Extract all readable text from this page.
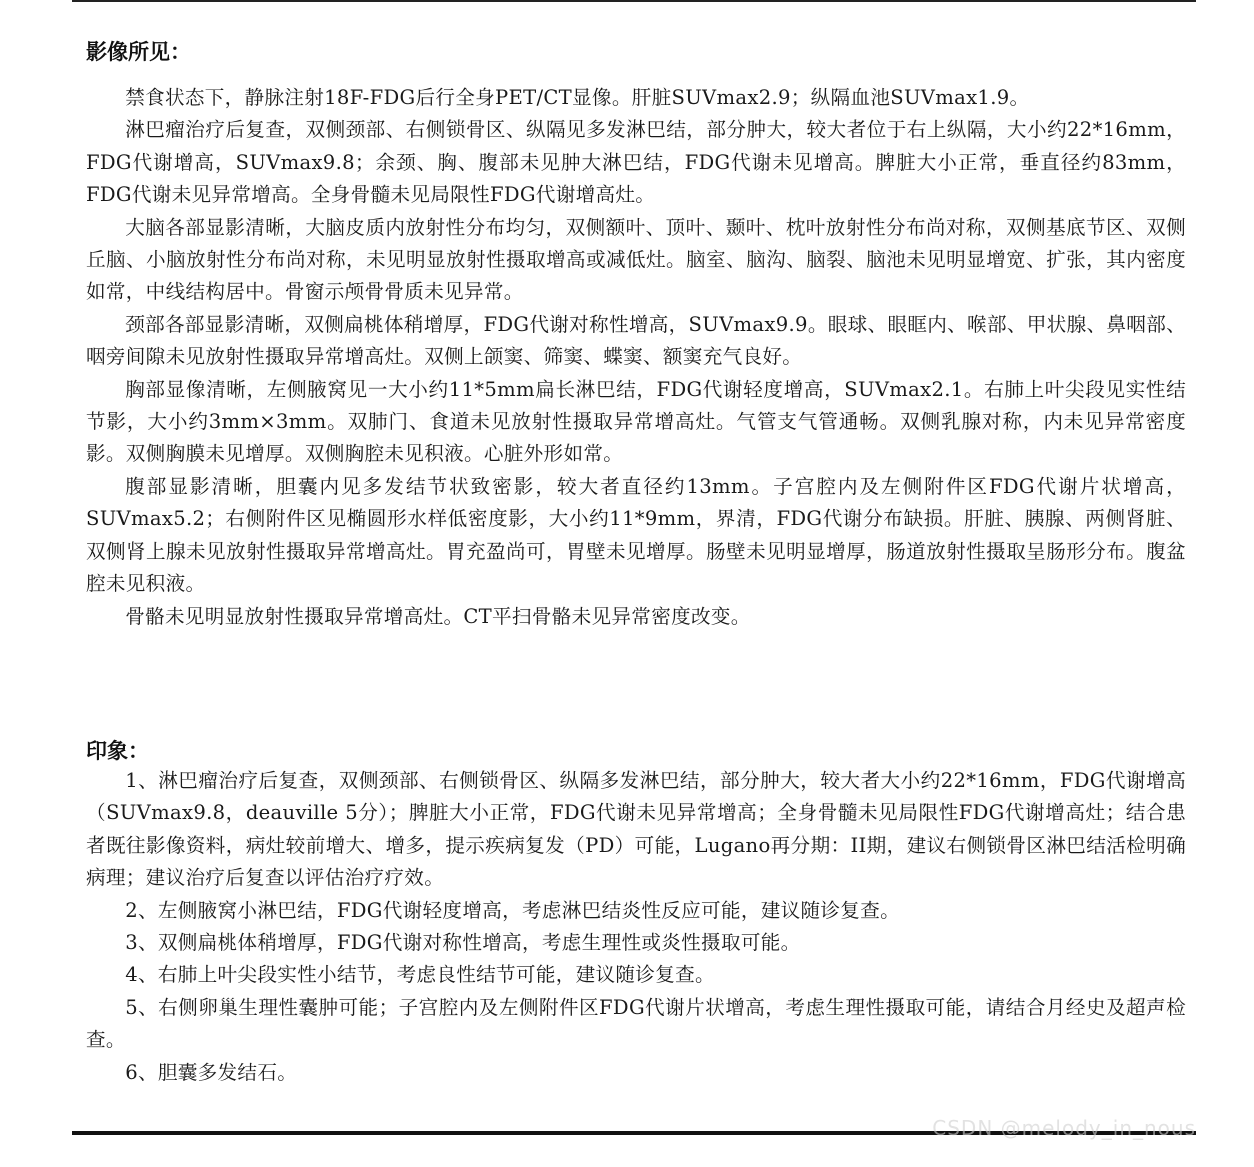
影像所见：

禁食状态下，静脉注射18F-FDG后行全身PET/CT显像。肝脏SUVmax2.9；纵隔血池SUVmax1.9。

淋巴瘤治疗后复查，双侧颈部、右侧锁骨区、纵隔见多发淋巴结，部分肿大，较大者位于右上纵隔，大小约22*16mm，FDG代谢增高，SUVmax9.8；余颈、胸、腹部未见肿大淋巴结，FDG代谢未见增高。脾脏大小正常，垂直径约83mm，FDG代谢未见异常增高。全身骨髓未见局限性FDG代谢增高灶。

大脑各部显影清晰，大脑皮质内放射性分布均匀，双侧额叶、顶叶、颞叶、枕叶放射性分布尚对称，双侧基底节区、双侧丘脑、小脑放射性分布尚对称，未见明显放射性摄取增高或减低灶。脑室、脑沟、脑裂、脑池未见明显增宽、扩张，其内密度如常，中线结构居中。骨窗示颅骨骨质未见异常。

颈部各部显影清晰，双侧扁桃体稍增厚，FDG代谢对称性增高，SUVmax9.9。眼球、眼眶内、喉部、甲状腺、鼻咽部、咽旁间隙未见放射性摄取异常增高灶。双侧上颌窦、筛窦、蝶窦、额窦充气良好。

胸部显像清晰，左侧腋窝见一大小约11*5mm扁长淋巴结，FDG代谢轻度增高，SUVmax2.1。右肺上叶尖段见实性结节影，大小约3mm×3mm。双肺门、食道未见放射性摄取异常增高灶。气管支气管通畅。双侧乳腺对称，内未见异常密度影。双侧胸膜未见增厚。双侧胸腔未见积液。心脏外形如常。

腹部显影清晰，胆囊内见多发结节状致密影，较大者直径约13mm。子宫腔内及左侧附件区FDG代谢片状增高，SUVmax5.2；右侧附件区见椭圆形水样低密度影，大小约11*9mm，界清，FDG代谢分布缺损。肝脏、胰腺、两侧肾脏、双侧肾上腺未见放射性摄取异常增高灶。胃充盈尚可，胃壁未见增厚。肠壁未见明显增厚，肠道放射性摄取呈肠形分布。腹盆腔未见积液。

骨骼未见明显放射性摄取异常增高灶。CT平扫骨骼未见异常密度改变。

印象：

1、淋巴瘤治疗后复查，双侧颈部、右侧锁骨区、纵隔多发淋巴结，部分肿大，较大者大小约22*16mm，FDG代谢增高（SUVmax9.8，deauville 5分）；脾脏大小正常，FDG代谢未见异常增高；全身骨髓未见局限性FDG代谢增高灶；结合患者既往影像资料，病灶较前增大、增多，提示疾病复发（PD）可能，Lugano再分期：II期，建议右侧锁骨区淋巴结活检明确病理；建议治疗后复查以评估治疗疗效。

2、左侧腋窝小淋巴结，FDG代谢轻度增高，考虑淋巴结炎性反应可能，建议随诊复查。

3、双侧扁桃体稍增厚，FDG代谢对称性增高，考虑生理性或炎性摄取可能。

4、右肺上叶尖段实性小结节，考虑良性结节可能，建议随诊复查。

5、右侧卵巢生理性囊肿可能；子宫腔内及左侧附件区FDG代谢片状增高，考虑生理性摄取可能，请结合月经史及超声检查。

6、胆囊多发结石。

CSDN @melody_in_nous
